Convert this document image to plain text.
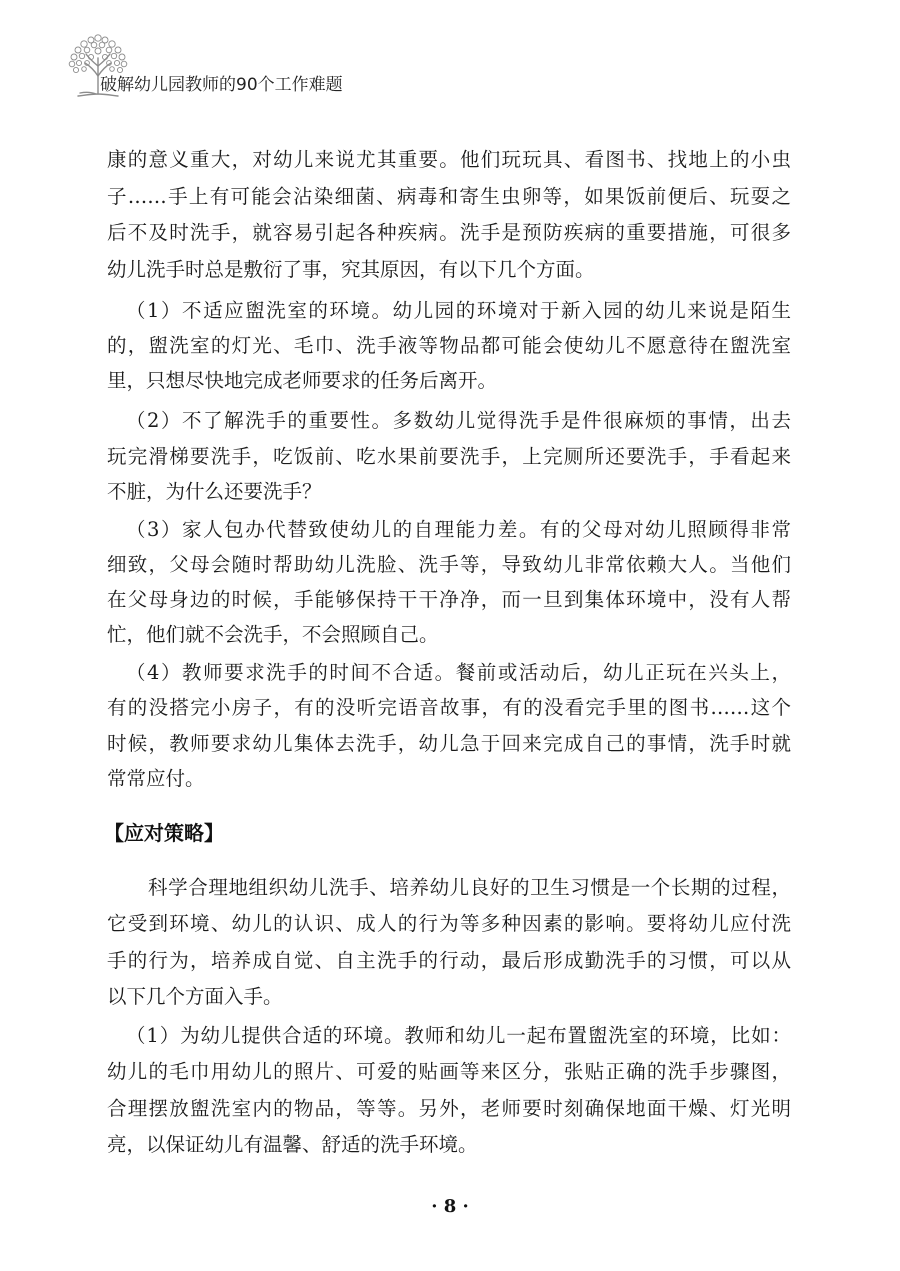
破解幼儿园教师的90个工作难题
康的意义重大，对幼儿来说尤其重要。他们玩玩具、看图书、找地上的小虫
子……手上有可能会沾染细菌、病毒和寄生虫卵等，如果饭前便后、玩耍之
后不及时洗手，就容易引起各种疾病。洗手是预防疾病的重要措施，可很多
幼儿洗手时总是敷衍了事，究其原因，有以下几个方面。
（1）不适应盥洗室的环境。幼儿园的环境对于新入园的幼儿来说是陌生
的，盥洗室的灯光、毛巾、洗手液等物品都可能会使幼儿不愿意待在盥洗室
里，只想尽快地完成老师要求的任务后离开。
（2）不了解洗手的重要性。多数幼儿觉得洗手是件很麻烦的事情，出去
玩完滑梯要洗手，吃饭前、吃水果前要洗手，上完厕所还要洗手，手看起来
不脏，为什么还要洗手？
（3）家人包办代替致使幼儿的自理能力差。有的父母对幼儿照顾得非常
细致，父母会随时帮助幼儿洗脸、洗手等，导致幼儿非常依赖大人。当他们
在父母身边的时候，手能够保持干干净净，而一旦到集体环境中，没有人帮
忙，他们就不会洗手，不会照顾自己。
（4）教师要求洗手的时间不合适。餐前或活动后，幼儿正玩在兴头上，
有的没搭完小房子，有的没听完语音故事，有的没看完手里的图书……这个
时候，教师要求幼儿集体去洗手，幼儿急于回来完成自己的事情，洗手时就
常常应付。
【应对策略】
科学合理地组织幼儿洗手、培养幼儿良好的卫生习惯是一个长期的过程，
它受到环境、幼儿的认识、成人的行为等多种因素的影响。要将幼儿应付洗
手的行为，培养成自觉、自主洗手的行动，最后形成勤洗手的习惯，可以从
以下几个方面入手。
（1）为幼儿提供合适的环境。教师和幼儿一起布置盥洗室的环境，比如：
幼儿的毛巾用幼儿的照片、可爱的贴画等来区分，张贴正确的洗手步骤图，
合理摆放盥洗室内的物品，等等。另外，老师要时刻确保地面干燥、灯光明
亮，以保证幼儿有温馨、舒适的洗手环境。
· 8 ·
